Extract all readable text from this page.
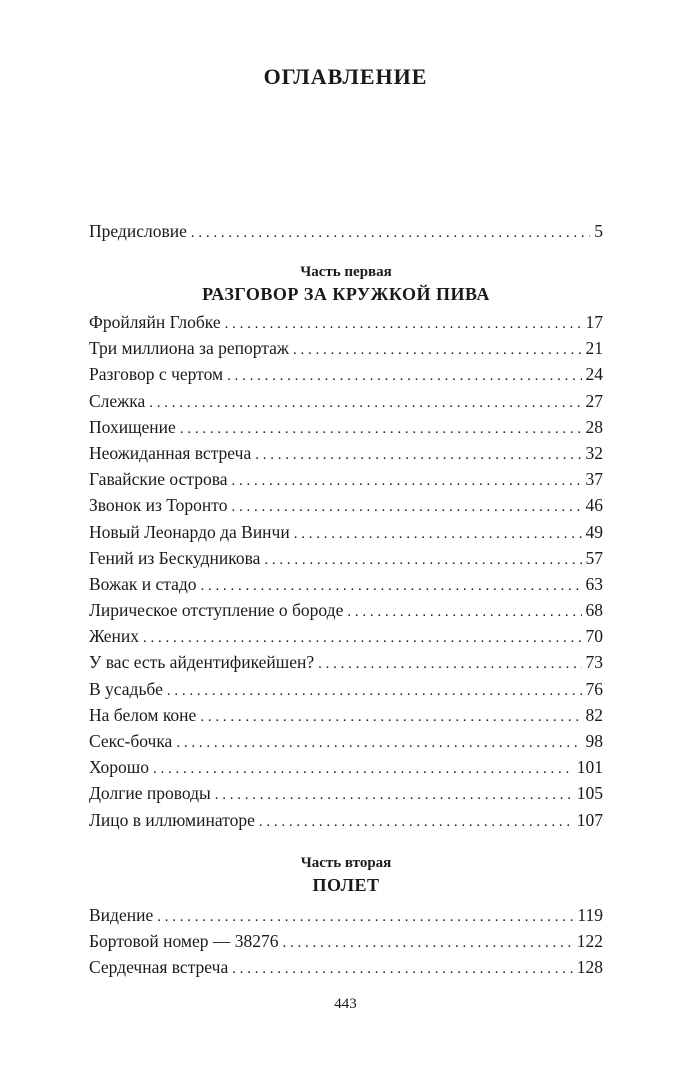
ОГЛАВЛЕНИЕ
Предисловие . . .	5
Часть первая
РАЗГОВОР ЗА КРУЖКОЙ ПИВА
Фройляйн Глобке . . .	17
Три миллиона за репортаж . . .	21
Разговор с чертом . . .	24
Слежка . . .	27
Похищение . . .	28
Неожиданная встреча . . .	32
Гавайские острова . . .	37
Звонок из Торонто . . .	46
Новый Леонардо да Винчи . . .	49
Гений из Бескудникова . . .	57
Вожак и стадо . . .	63
Лирическое отступление о бороде . . .	68
Жених . . .	70
У вас есть айдентификейшен? . . .	73
В усадьбе . . .	76
На белом коне . . .	82
Секс-бочка . . .	98
Хорошо . . .	101
Долгие проводы . . .	105
Лицо в иллюминаторе . . .	107
Часть вторая
ПОЛЕТ
Видение . . .	119
Бортовой номер — 38276 . . .	122
Сердечная встреча . . .	128
443
